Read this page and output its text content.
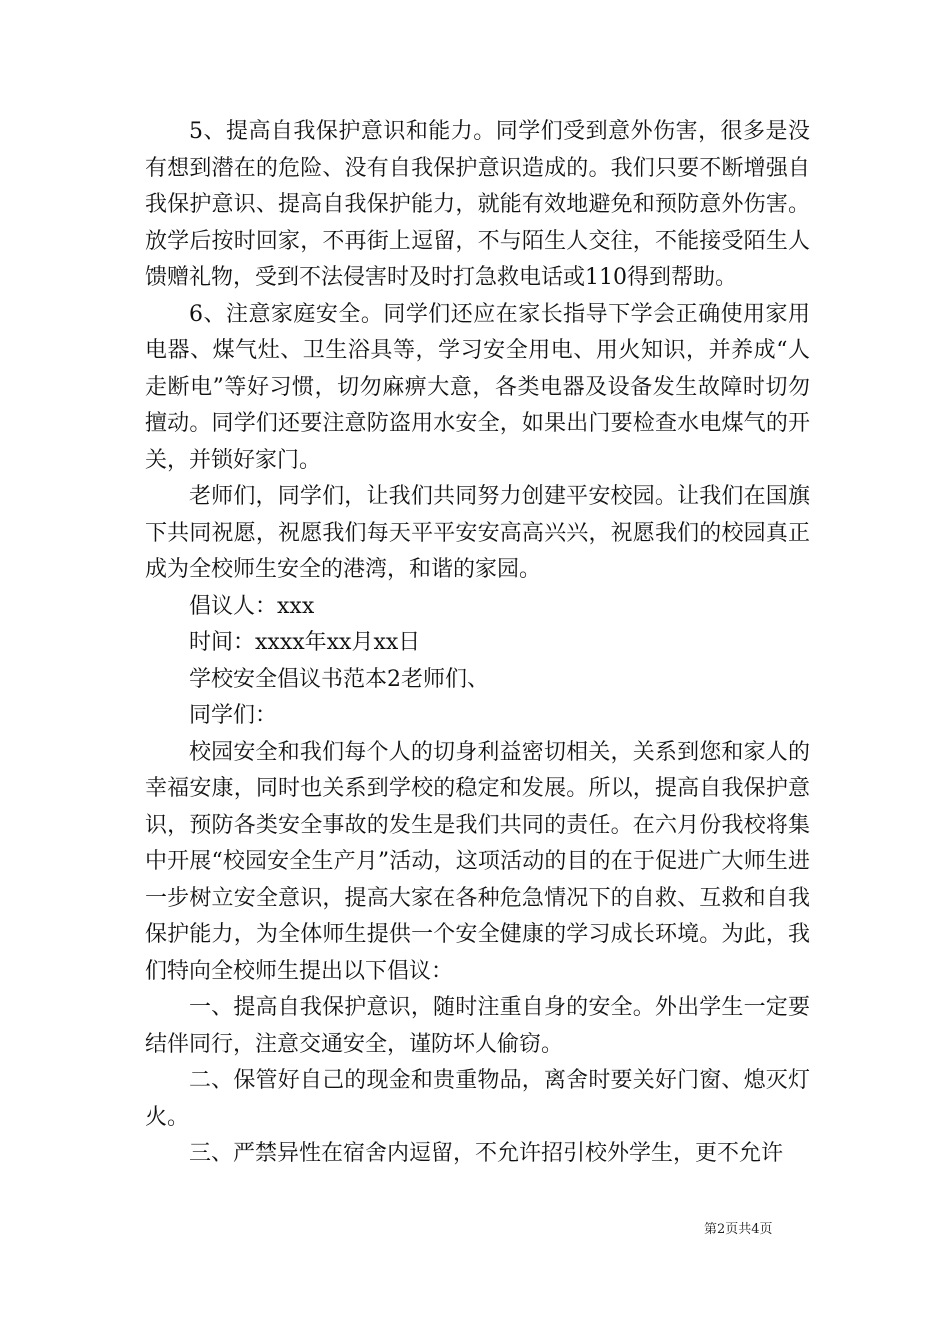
5、提高自我保护意识和能力。同学们受到意外伤害，很多是没有想到潜在的危险、没有自我保护意识造成的。我们只要不断增强自我保护意识、提高自我保护能力，就能有效地避免和预防意外伤害。放学后按时回家，不再街上逗留，不与陌生人交往，不能接受陌生人馈赠礼物，受到不法侵害时及时打急救电话或110得到帮助。

6、注意家庭安全。同学们还应在家长指导下学会正确使用家用电器、煤气灶、卫生浴具等，学习安全用电、用火知识，并养成“人走断电”等好习惯，切勿麻痹大意，各类电器及设备发生故障时切勿擅动。同学们还要注意防盗用水安全，如果出门要检查水电煤气的开关，并锁好家门。

老师们，同学们，让我们共同努力创建平安校园。让我们在国旗下共同祝愿，祝愿我们每天平平安安高高兴兴，祝愿我们的校园真正成为全校师生安全的港湾，和谐的家园。

倡议人：xxx

时间：xxxx年xx月xx日

学校安全倡议书范本2老师们、

同学们：

校园安全和我们每个人的切身利益密切相关，关系到您和家人的幸福安康，同时也关系到学校的稳定和发展。所以，提高自我保护意识，预防各类安全事故的发生是我们共同的责任。在六月份我校将集中开展“校园安全生产月”活动，这项活动的目的在于促进广大师生进一步树立安全意识，提高大家在各种危急情况下的自救、互救和自我保护能力，为全体师生提供一个安全健康的学习成长环境。为此，我们特向全校师生提出以下倡议：

一、提高自我保护意识，随时注重自身的安全。外出学生一定要结伴同行，注意交通安全，谨防坏人偷窃。

二、保管好自己的现金和贵重物品，离舍时要关好门窗、熄灭灯火。

三、严禁异性在宿舍内逗留，不允许招引校外学生，更不允许

第2页共4页
